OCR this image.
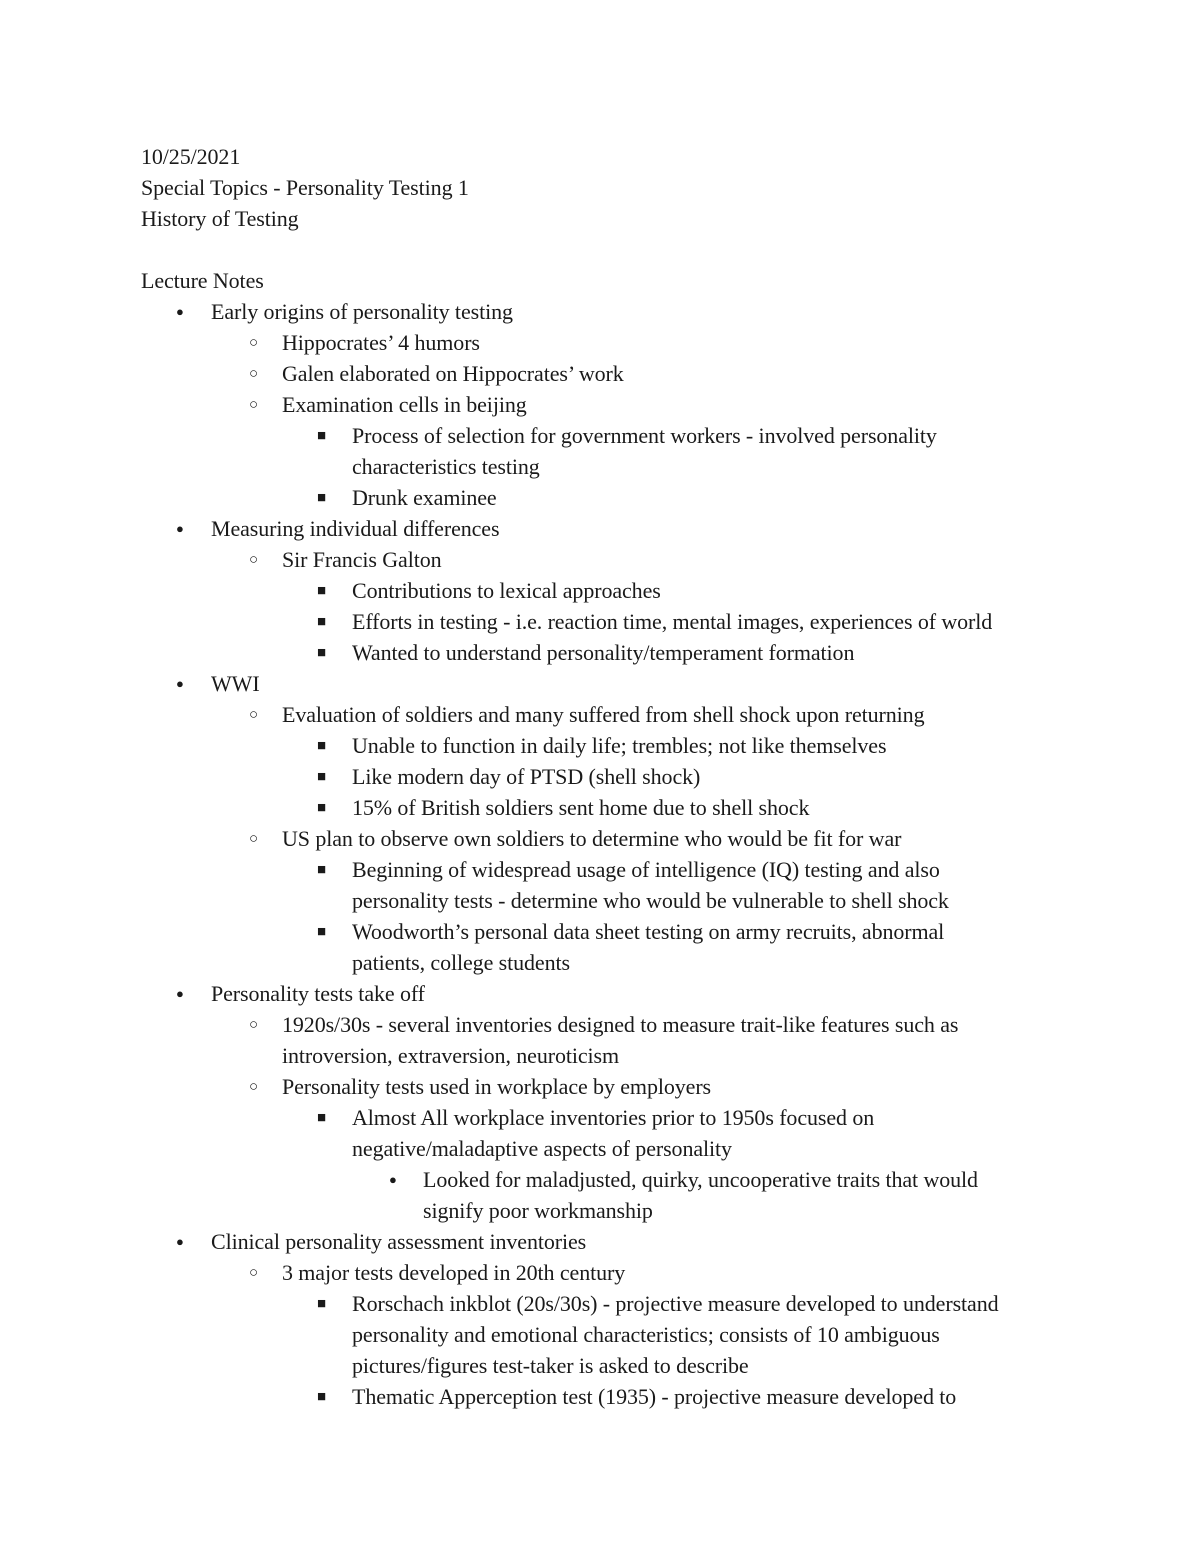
10/25/2021
Special Topics - Personality Testing 1
History of Testing
Lecture Notes
●
Early origins of personality testing
○
Hippocrates’ 4 humors
○
Galen elaborated on Hippocrates’ work
○
Examination cells in beijing
■
Process of selection for government workers - involved personality
characteristics testing
■
Drunk examinee
●
Measuring individual differences
○
Sir Francis Galton
■
Contributions to lexical approaches
■
Efforts in testing - i.e. reaction time, mental images, experiences of world
■
Wanted to understand personality/temperament formation
●
WWI
○
Evaluation of soldiers and many suffered from shell shock upon returning
■
Unable to function in daily life; trembles; not like themselves
■
Like modern day of PTSD (shell shock)
■
15% of British soldiers sent home due to shell shock
○
US plan to observe own soldiers to determine who would be fit for war
■
Beginning of widespread usage of intelligence (IQ) testing and also
personality tests - determine who would be vulnerable to shell shock
■
Woodworth’s personal data sheet testing on army recruits, abnormal
patients, college students
●
Personality tests take off
○
1920s/30s - several inventories designed to measure trait-like features such as
introversion, extraversion, neuroticism
○
Personality tests used in workplace by employers
■
Almost All workplace inventories prior to 1950s focused on
negative/maladaptive aspects of personality
●
Looked for maladjusted, quirky, uncooperative traits that would
signify poor workmanship
●
Clinical personality assessment inventories
○
3 major tests developed in 20th century
■
Rorschach inkblot (20s/30s) - projective measure developed to understand
personality and emotional characteristics; consists of 10 ambiguous
pictures/figures test-taker is asked to describe
■
Thematic Apperception test (1935) - projective measure developed to
